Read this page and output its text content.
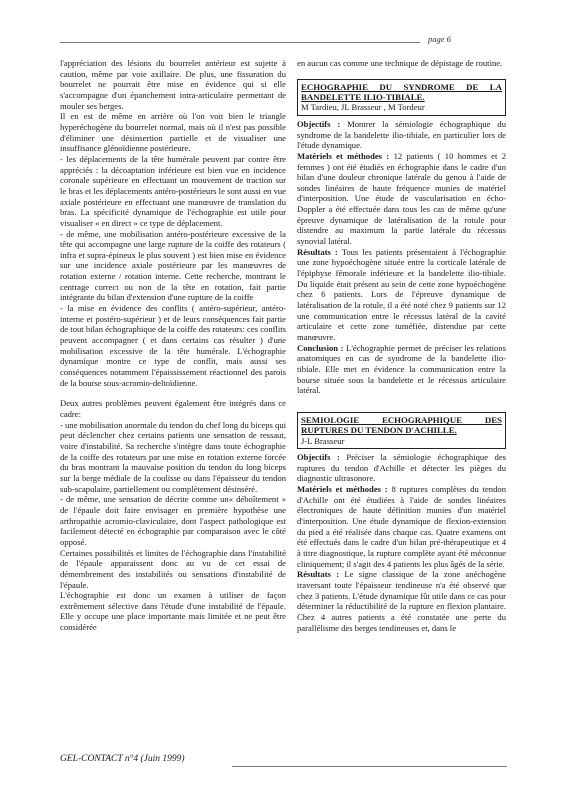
page 6

l'appréciation des lésions du bourrelet antérieur est sujette à caution, même par voie axillaire. De plus, une fissuration du bourrelet ne pourrait être mise en évidence qui si elle s'accompagne d'un épanchement intra-articulaire permettant de mouler ses berges.

Il en est de même en arrière où l'on voit bien le triangle hyperéchogène du bourrelet normal, mais où il n'est pas possible d'éliminer une désinsertion partielle et de visualiser une insuffisance glénoïdienne postérieure.

- les déplacements de la tête humérale peuvent par contre être appréciés : la décoaptation inférieure est bien vue en incidence coronale supérieure en effectuant un mouvement de traction sur le bras et les déplacements antéro-postérieurs le sont aussi en vue axiale postérieure en effectuant une manœuvre de translation du bras. La spécificité dynamique de l'échographie est utile pour visualiser « en direct » ce type de déplacement.

- de même, une mobilisation antéro-postérieure excessive de la tête qui accompagne une large rupture de la coiffe des rotateurs ( infra et supra-épineux le plus souvent ) est bien mise en évidence sur une incidence axiale postérieure par les manœuvres de rotation externe / rotation interne. Cette recherche, montrant le centrage correct ou non de la tête en rotation, fait partie intégrante du bilan d'extension d'une rupture de la coiffe

- la mise en évidence des conflits ( antéro-supérieur, antéro-interne et postéro-supérieur ) et de leurs conséquences fait partie de tout bilan échographique de la coiffe des rotateurs: ces conflits peuvent accompagner ( et dans certains cas résulter ) d'une mobilisation excessive de la tête humérale. L'échographie dynamique montre ce type de conflit, mais aussi ses conséquences notamment l'épaississement réactionnel des parois de la bourse sous-acromio-deltoïdienne.

Deux autres problèmes peuvent également être intégrés dans ce cadre:

- une mobilisation anormale du tendon du chef long du biceps qui peut déclencher chez certains patients une sensation de ressaut, voire d'instabilité. Sa recherche s'intègre dans toute échographie de la coiffe des rotateurs par une mise en rotation externe forcée du bras montrant la mauvaise position du tendon du long biceps sur la berge médiale de la coulisse ou dans l'épaisseur du tendon sub-scapulaire, partiellement ou complètement désinséré.

- de même, une sensation de décrite comme un« déboîtement » de l'épaule doit faire envisager en première hypothèse une arthropathie acromio-claviculaire, dont l'aspect pathologique est facilement détecté en échographie par comparaison avec le côté opposé.

Certaines possibilités et limites de l'échographie dans l'instabilité de l'épaule apparaissent donc au vu de cet essai de démembrement des instabilités ou sensations d'instabilité de l'épaule.

L'échographie est donc un examen à utiliser de façon extrêmement sélective dans l'étude d'une instabilité de l'épaule. Elle y occupe une place importante mais limitée et ne peut être considérée

en aucun cas comme une technique de dépistage de routine.

ECHOGRAPHIE DU SYNDROME DE LA BANDELETTE ILIO-TIBIALE.
M Tardieu, JL Brasseur , M Tordeur

Objectifs : Montrer la sémiologie échographique du syndrome de la bandelette ilio-tibiale, en particulier lors de l'étude dynamique.

Matériels et méthodes : 12 patients ( 10 hommes et 2 femmes ) ont été étudiés en échographie dans le cadre d'un bilan d'une douleur chronique latérale du genou à l'aide de sondes linéaires de haute fréquence munies de matériel d'interposition. Une étude de vascularisation en écho-Doppler a été effectuée dans tous les cas de même qu'une épreuve dynamique de latéralisation de la rotule pour distendre au maximum la partie latérale du récessus synovial latéral.

Résultats : Tous les patients présentaient à l'échographie une zone hypoéchogène située entre la corticale latérale de l'épiphyse fémorale inférieure et la bandelette ilio-tibiale. Du liquide était présent au sein de cette zone hypoéchogène chez 6 patients. Lors de l'épreuve dynamique de latéralisation de la rotule, il a été noté chez 9 patients sur 12 une communication entre le récessus latéral de la cavité articulaire et cette zone tuméfiée, distendue par cette manœuvre.

Conclusion : L'échographie permet de préciser les relations anatomiques en cas de syndrome de la bandelette ilio-tibiale. Elle met en évidence la communication entre la bourse située sous la bandelette et le récessus articulaire latéral.

SEMIOLOGIE ECHOGRAPHIQUE DES RUPTURES DU TENDON D'ACHILLE.
J-L Brasseur

Objectifs : Préciser la sémiologie échographique des ruptures du tendon d'Achille et détecter les pièges du diagnostic ultrasonore.

Matériels et méthodes : 8 ruptures complètes du tendon d'Achille ont été étudiées à l'aide de sondes linéaires électroniques de haute définition munies d'un matériel d'interposition. Une étude dynamique de flexion-extension du pied a été réalisée dans chaque cas. Quatre examens ont été effectués dans le cadre d'un bilan pré-thérapeutique et 4 à titre diagnostique, la rupture complète ayant été méconnue cliniquement; il s'agit des 4 patients les plus âgés de la série.

Résultats : Le signe classique de la zone anéchogène traversant toute l'épaisseur tendineuse n'a été observé que chez 3 patients. L'étude dynamique fût utile dans ce cas pour déterminer la réductibilité de la rupture en flexion plantaire. Chez 4 autres patients a été constatée une perte du parallélisme des berges tendineuses et, dans le

GEL-CONTACT n°4 (Juin 1999)
